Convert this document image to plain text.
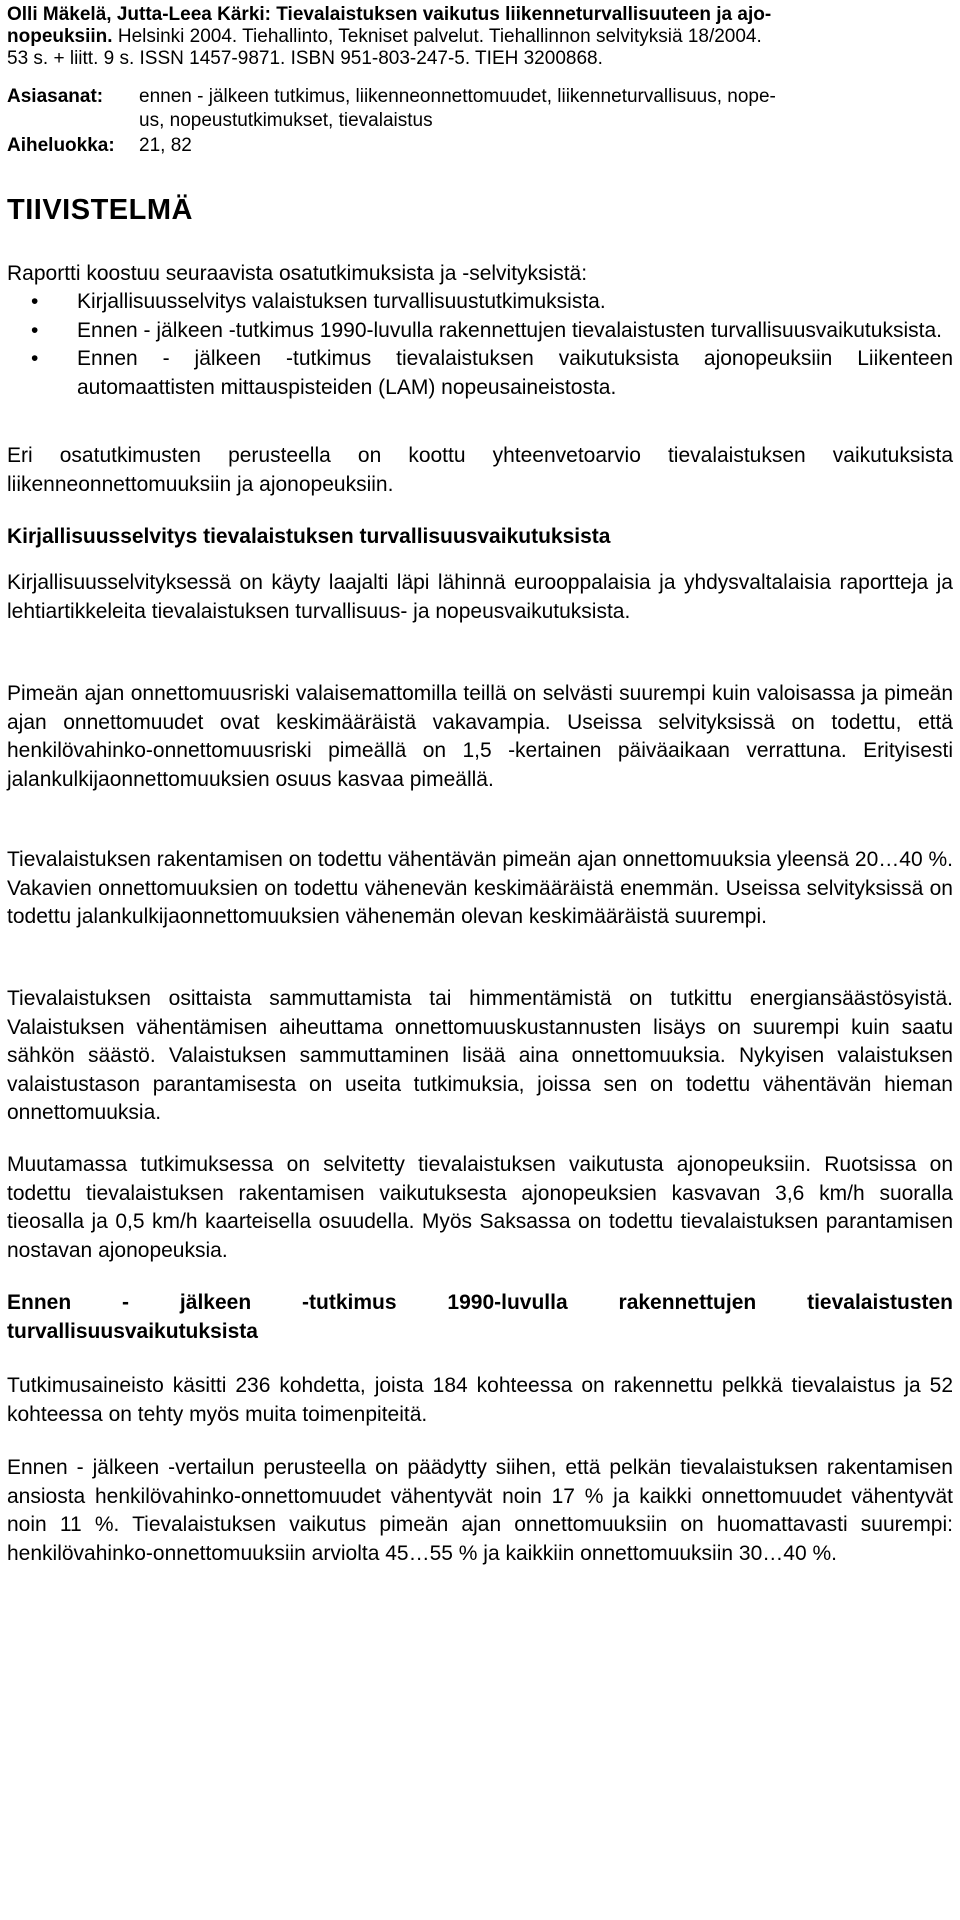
Olli Mäkelä, Jutta-Leea Kärki: Tievalaistuksen vaikutus liikenneturvallisuuteen ja ajo-
nopeuksiin. Helsinki 2004. Tiehallinto, Tekniset palvelut. Tiehallinnon selvityksiä 18/2004.
53 s. + liitt. 9 s. ISSN 1457-9871. ISBN 951-803-247-5. TIEH 3200868.
Asiasanat: ennen - jälkeen tutkimus, liikenneonnettomuudet, liikenneturvallisuus, nope-
us, nopeustutkimukset, tievalaistus
Aiheluokka: 21, 82
TIIVISTELMÄ
Raportti koostuu seuraavista osatutkimuksista ja -selvityksistä:
• Kirjallisuusselvitys valaistuksen turvallisuustutkimuksista.
• Ennen - jälkeen -tutkimus 1990-luvulla rakennettujen tievalaistusten turvallisuusvaikutuksista.
• Ennen - jälkeen -tutkimus tievalaistuksen vaikutuksista ajonopeuksiin Liikenteen automaattisten mittauspisteiden (LAM) nopeusaineistosta.
Eri osatutkimusten perusteella on koottu yhteenvetoarvio tievalaistuksen vaikutuksista liikenneonnettomuuksiin ja ajonopeuksiin.
Kirjallisuusselvitys tievalaistuksen turvallisuusvaikutuksista
Kirjallisuusselvityksessä on käyty laajalti läpi lähinnä eurooppalaisia ja yhdysvaltalaisia raportteja ja lehtiartikkeleita tievalaistuksen turvallisuus- ja nopeusvaikutuksista.
Pimeän ajan onnettomuusriski valaisemattomilla teillä on selvästi suurempi kuin valoisassa ja pimeän ajan onnettomuudet ovat keskimääräistä vakavampia. Useissa selvityksissä on todettu, että henkilövahinko-onnettomuusriski pimeällä on 1,5 -kertainen päiväaikaan verrattuna. Erityisesti jalankulkijaonnettomuuksien osuus kasvaa pimeällä.
Tievalaistuksen rakentamisen on todettu vähentävän pimeän ajan onnettomuuksia yleensä 20…40 %. Vakavien onnettomuuksien on todettu vähenevän keskimääräistä enemmän. Useissa selvityksissä on todettu jalankulkijaonnettomuuksien vähenemän olevan keskimääräistä suurempi.
Tievalaistuksen osittaista sammuttamista tai himmentämistä on tutkittu energiansäästösyistä. Valaistuksen vähentämisen aiheuttama onnettomuuskustannusten lisäys on suurempi kuin saatu sähkön säästö. Valaistuksen sammuttaminen lisää aina onnettomuuksia. Nykyisen valaistuksen valaistustason parantamisesta on useita tutkimuksia, joissa sen on todettu vähentävän hieman onnettomuuksia.
Muutamassa tutkimuksessa on selvitetty tievalaistuksen vaikutusta ajonopeuksiin. Ruotsissa on todettu tievalaistuksen rakentamisen vaikutuksesta ajonopeuksien kasvavan 3,6 km/h suoralla tieosalla ja 0,5 km/h kaarteisella osuudella. Myös Saksassa on todettu tievalaistuksen parantamisen nostavan ajonopeuksia.
Ennen - jälkeen -tutkimus 1990-luvulla rakennettujen tievalaistusten
turvallisuusvaikutuksista
Tutkimusaineisto käsitti 236 kohdetta, joista 184 kohteessa on rakennettu pelkkä tievalaistus ja 52 kohteessa on tehty myös muita toimenpiteitä.
Ennen - jälkeen -vertailun perusteella on päädytty siihen, että pelkän tievalaistuksen rakentamisen ansiosta henkilövahinko-onnettomuudet vähentyvät noin 17 % ja kaikki onnettomuudet vähentyvät noin 11 %. Tievalaistuksen vaikutus pimeän ajan onnettomuuksiin on huomattavasti suurempi: henkilövahinko-onnettomuuksiin arviolta 45…55 % ja kaikkiin onnettomuuksiin 30…40 %.
